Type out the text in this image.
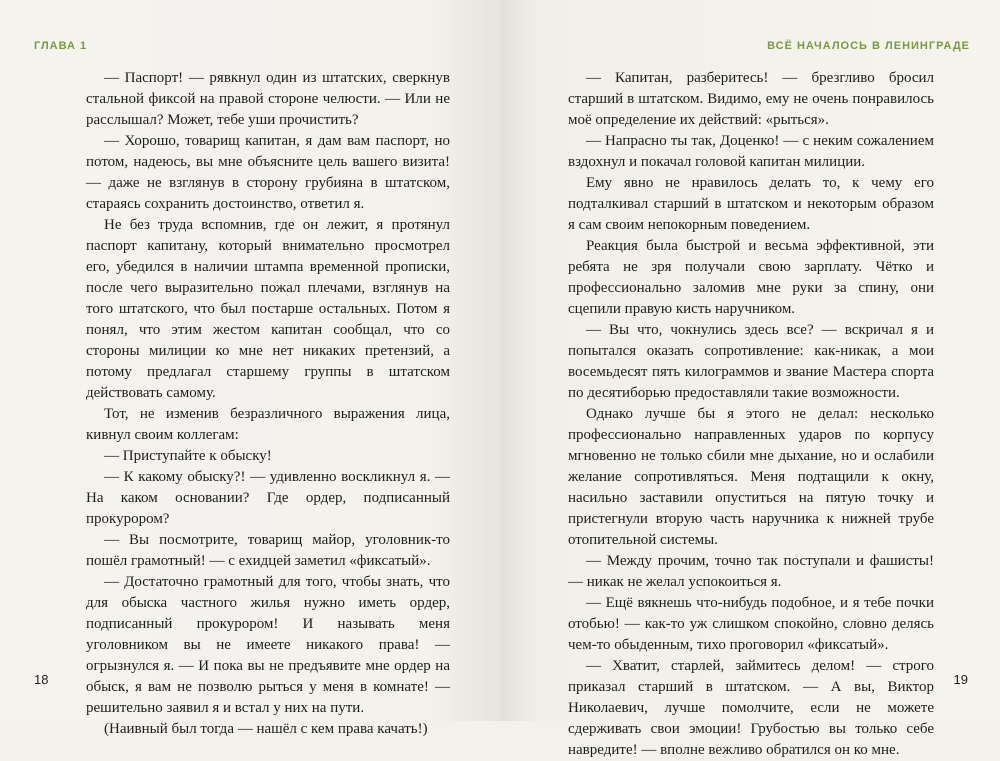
ГЛАВА 1

— Паспорт! — рявкнул один из штатских, сверкнув стальной фиксой на правой стороне челюсти. — Или не расслышал? Может, тебе уши прочистить?

— Хорошо, товарищ капитан, я дам вам паспорт, но потом, надеюсь, вы мне объясните цель вашего визита! — даже не взглянув в сторону грубияна в штатском, стараясь сохранить достоинство, ответил я.

Не без труда вспомнив, где он лежит, я протянул паспорт капитану, который внимательно просмотрел его, убедился в наличии штампа временной прописки, после чего выразительно пожал плечами, взглянув на того штатского, что был постарше остальных. Потом я понял, что этим жестом капитан сообщал, что со стороны милиции ко мне нет никаких претензий, а потому предлагал старшему группы в штатском действовать самому.

Тот, не изменив безразличного выражения лица, кивнул своим коллегам:

— Приступайте к обыску!

— К какому обыску?! — удивленно воскликнул я. — На каком основании? Где ордер, подписанный прокурором?

— Вы посмотрите, товарищ майор, уголовник-то пошёл грамотный! — с ехидцей заметил «фиксатый».

— Достаточно грамотный для того, чтобы знать, что для обыска частного жилья нужно иметь ордер, подписанный прокурором! И называть меня уголовником вы не имеете никакого права! — огрызнулся я. — И пока вы не предъявите мне ордер на обыск, я вам не позволю рыться у меня в комнате! — решительно заявил я и встал у них на пути.

(Наивный был тогда — нашёл с кем права качать!)

18
ВСЁ НАЧАЛОСЬ В ЛЕНИНГРАДЕ

— Капитан, разберитесь! — брезгливо бросил старший в штатском. Видимо, ему не очень понравилось моё определение их действий: «рыться».

— Напрасно ты так, Доценко! — с неким сожалением вздохнул и покачал головой капитан милиции.

Ему явно не нравилось делать то, к чему его подталкивал старший в штатском и некоторым образом я сам своим непокорным поведением.

Реакция была быстрой и весьма эффективной, эти ребята не зря получали свою зарплату. Чётко и профессионально заломив мне руки за спину, они сцепили правую кисть наручником.

— Вы что, чокнулись здесь все? — вскричал я и попытался оказать сопротивление: как-никак, а мои восемьдесят пять килограммов и звание Мастера спорта по десятиборью предоставляли такие возможности.

Однако лучше бы я этого не делал: несколько профессионально направленных ударов по корпусу мгновенно не только сбили мне дыхание, но и ослабили желание сопротивляться. Меня подтащили к окну, насильно заставили опуститься на пятую точку и пристегнули вторую часть наручника к нижней трубе отопительной системы.

— Между прочим, точно так поступали и фашисты! — никак не желал успокоиться я.

— Ещё вякнешь что-нибудь подобное, и я тебе почки отобью! — как-то уж слишком спокойно, словно делясь чем-то обыденным, тихо проговорил «фиксатый».

— Хватит, старлей, займитесь делом! — строго приказал старший в штатском. — А вы, Виктор Николаевич, лучше помолчите, если не можете сдерживать свои эмоции! Грубостью вы только себе навредите! — вполне вежливо обратился он ко мне.

19
